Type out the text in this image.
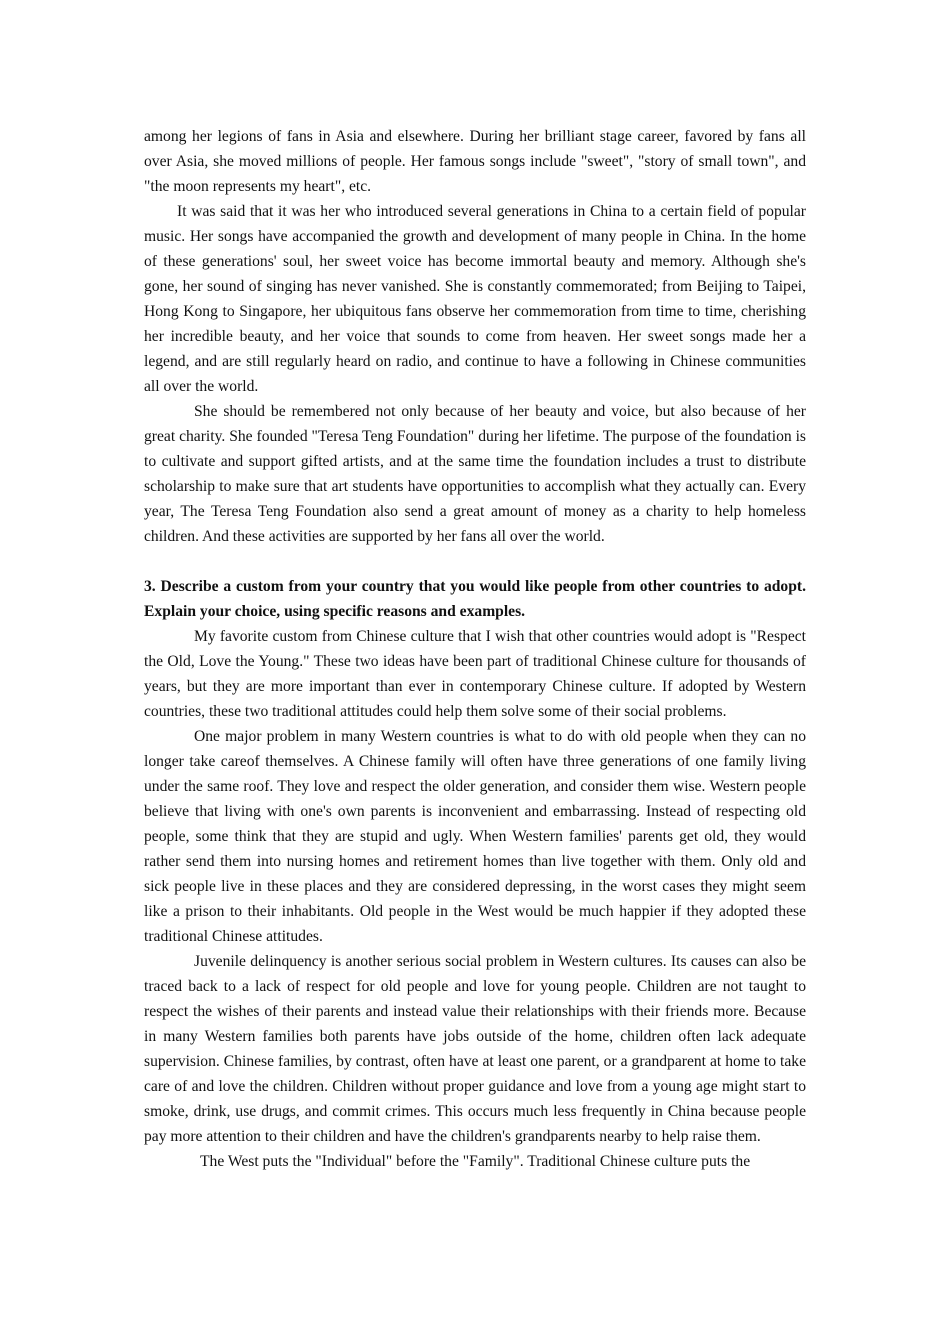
among her legions of fans in Asia and elsewhere. During her brilliant stage career, favored by fans all over Asia, she moved millions of people. Her famous songs include "sweet", "story of small town", and "the moon represents my heart", etc.

It was said that it was her who introduced several generations in China to a certain field of popular music. Her songs have accompanied the growth and development of many people in China. In the home of these generations' soul, her sweet voice has become immortal beauty and memory. Although she's gone, her sound of singing has never vanished. She is constantly commemorated; from Beijing to Taipei, Hong Kong to Singapore, her ubiquitous fans observe her commemoration from time to time, cherishing her incredible beauty, and her voice that sounds to come from heaven. Her sweet songs made her a legend, and are still regularly heard on radio, and continue to have a following in Chinese communities all over the world.

She should be remembered not only because of her beauty and voice, but also because of her great charity. She founded "Teresa Teng Foundation" during her lifetime. The purpose of the foundation is to cultivate and support gifted artists, and at the same time the foundation includes a trust to distribute scholarship to make sure that art students have opportunities to accomplish what they actually can. Every year, The Teresa Teng Foundation also send a great amount of money as a charity to help homeless children. And these activities are supported by her fans all over the world.

3. Describe a custom from your country that you would like people from other countries to adopt. Explain your choice, using specific reasons and examples.

My favorite custom from Chinese culture that I wish that other countries would adopt is "Respect the Old, Love the Young." These two ideas have been part of traditional Chinese culture for thousands of years, but they are more important than ever in contemporary Chinese culture. If adopted by Western countries, these two traditional attitudes could help them solve some of their social problems.

One major problem in many Western countries is what to do with old people when they can no longer take careof themselves. A Chinese family will often have three generations of one family living under the same roof. They love and respect the older generation, and consider them wise. Western people believe that living with one's own parents is inconvenient and embarrassing. Instead of respecting old people, some think that they are stupid and ugly. When Western families' parents get old, they would rather send them into nursing homes and retirement homes than live together with them. Only old and sick people live in these places and they are considered depressing, in the worst cases they might seem like a prison to their inhabitants. Old people in the West would be much happier if they adopted these traditional Chinese attitudes.

Juvenile delinquency is another serious social problem in Western cultures. Its causes can also be traced back to a lack of respect for old people and love for young people. Children are not taught to respect the wishes of their parents and instead value their relationships with their friends more. Because in many Western families both parents have jobs outside of the home, children often lack adequate supervision. Chinese families, by contrast, often have at least one parent, or a grandparent at home to take care of and love the children. Children without proper guidance and love from a young age might start to smoke, drink, use drugs, and commit crimes. This occurs much less frequently in China because people pay more attention to their children and have the children's grandparents nearby to help raise them.

The West puts the "Individual" before the "Family". Traditional Chinese culture puts the
